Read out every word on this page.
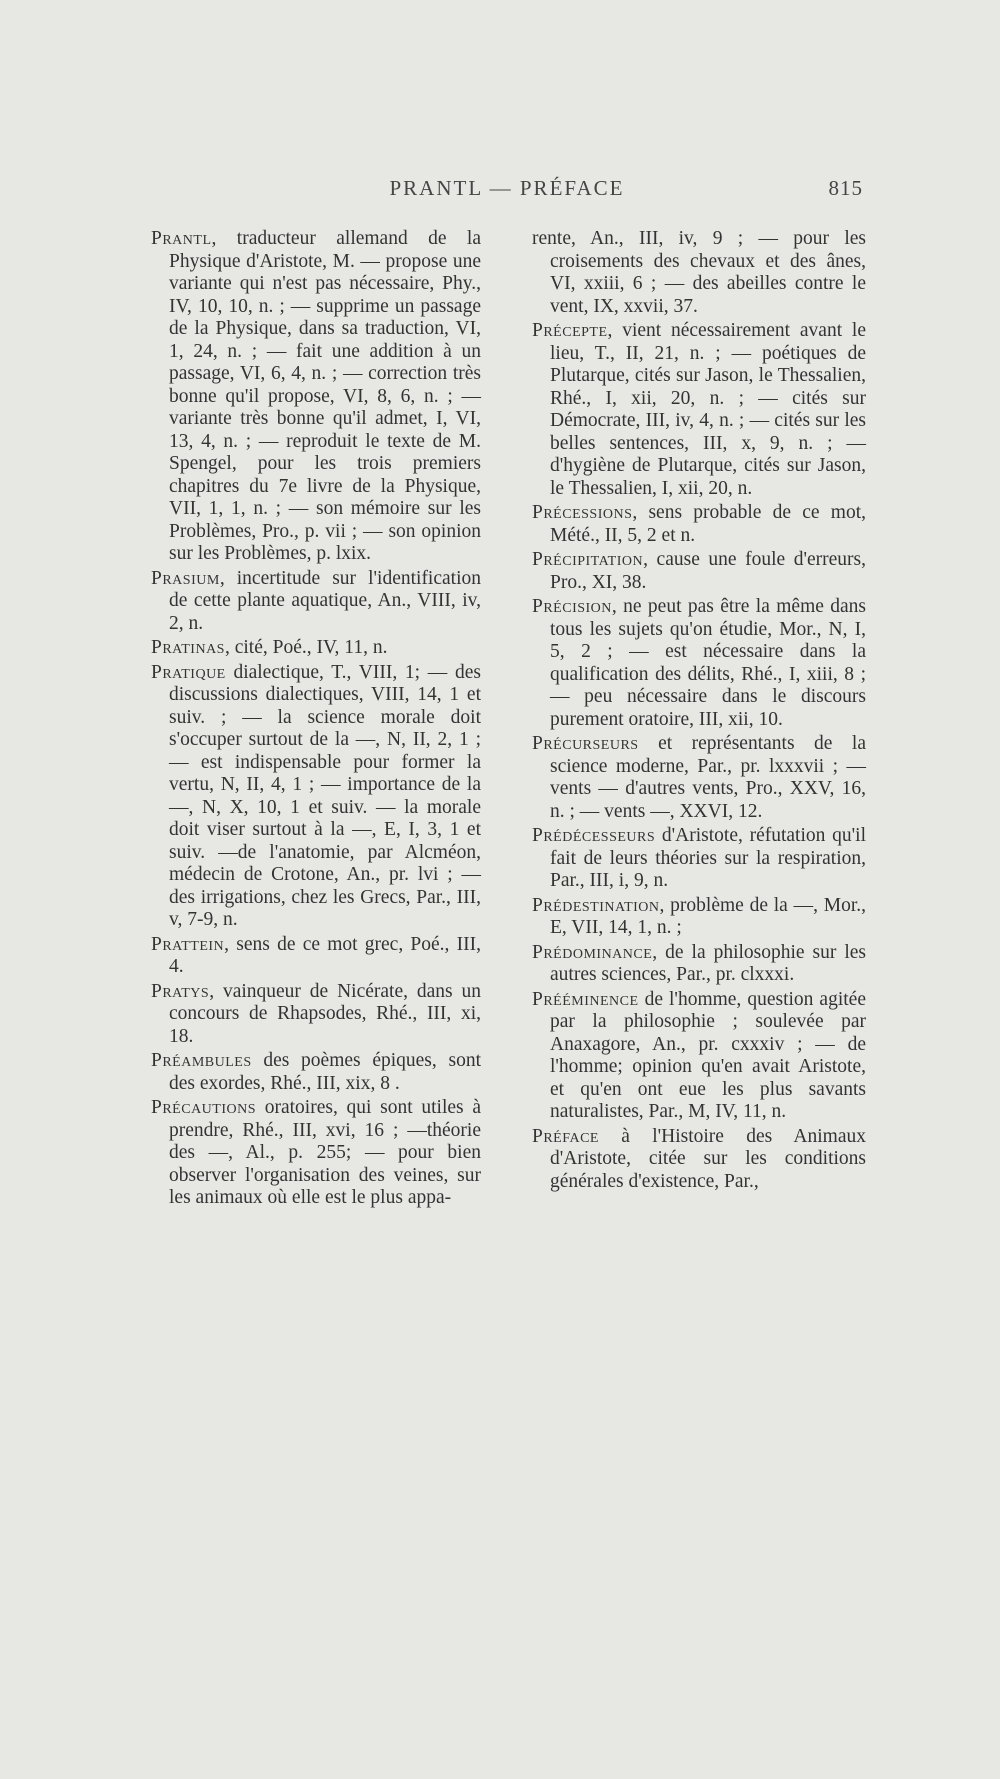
PRANTL — PRÉFACE	815

Prantl, traducteur allemand de la Physique d'Aristote, M. — propose une variante qui n'est pas nécessaire, Phy., IV, 10, 10, n. ; — supprime un passage de la Physique, dans sa traduction, VI, 1, 24, n. ; — fait une addition à un passage, VI, 6, 4, n. ; — correction très bonne qu'il propose, VI, 8, 6, n. ; — variante très bonne qu'il admet, I, VI, 13, 4, n. ; — reproduit le texte de M. Spengel, pour les trois premiers chapitres du 7e livre de la Physique, VII, 1, 1, n. ; — son mémoire sur les Problèmes, Pro., p. vii ; — son opinion sur les Problèmes, p. lxix.

Prasium, incertitude sur l'identification de cette plante aquatique, An., VIII, iv, 2, n.

Pratinas, cité, Poé., IV, 11, n.

Pratique dialectique, T., VIII, 1; — des discussions dialectiques, VIII, 14, 1 et suiv. ; — la science morale doit s'occuper surtout de la —, N, II, 2, 1 ; — est indispensable pour former la vertu, N, II, 4, 1 ; — importance de la —, N, X, 10, 1 et suiv. — la morale doit viser surtout à la —, E, I, 3, 1 et suiv. —de l'anatomie, par Alcméon, médecin de Crotone, An., pr. lvi ; — des irrigations, chez les Grecs, Par., III, v, 7-9, n.

Prattein, sens de ce mot grec, Poé., III, 4.

Pratys, vainqueur de Nicérate, dans un concours de Rhapsodes, Rhé., III, xi, 18.

Préambules des poèmes épiques, sont des exordes, Rhé., III, xix, 8 .

Précautions oratoires, qui sont utiles à prendre, Rhé., III, xvi, 16 ; —théorie des —, Al., p. 255; — pour bien observer l'organisation des veines, sur les animaux où elle est le plus appa-

rente, An., III, iv, 9 ; — pour les croisements des chevaux et des ânes, VI, xxiii, 6 ; — des abeilles contre le vent, IX, xxvii, 37.

Précepte, vient nécessairement avant le lieu, T., II, 21, n. ; — poétiques de Plutarque, cités sur Jason, le Thessalien, Rhé., I, xii, 20, n. ; — cités sur Démocrate, III, iv, 4, n. ; — cités sur les belles sentences, III, x, 9, n. ; — d'hygiène de Plutarque, cités sur Jason, le Thessalien, I, xii, 20, n.

Précessions, sens probable de ce mot, Mété., II, 5, 2 et n.

Précipitation, cause une foule d'erreurs, Pro., XI, 38.

Précision, ne peut pas être la même dans tous les sujets qu'on étudie, Mor., N, I, 5, 2 ; — est nécessaire dans la qualification des délits, Rhé., I, xiii, 8 ; — peu nécessaire dans le discours purement oratoire, III, xii, 10.

Précurseurs et représentants de la science moderne, Par., pr. lxxxvii ; — vents — d'autres vents, Pro., XXV, 16, n. ; — vents —, XXVI, 12.

Prédécesseurs d'Aristote, réfutation qu'il fait de leurs théories sur la respiration, Par., III, i, 9, n.

Prédestination, problème de la —, Mor., E, VII, 14, 1, n. ;

Prédominance, de la philosophie sur les autres sciences, Par., pr. clxxxi.

Prééminence de l'homme, question agitée par la philosophie ; soulevée par Anaxagore, An., pr. cxxxiv ; — de l'homme; opinion qu'en avait Aristote, et qu'en ont eue les plus savants naturalistes, Par., M, IV, 11, n.

Préface à l'Histoire des Animaux d'Aristote, citée sur les conditions générales d'existence, Par.,
